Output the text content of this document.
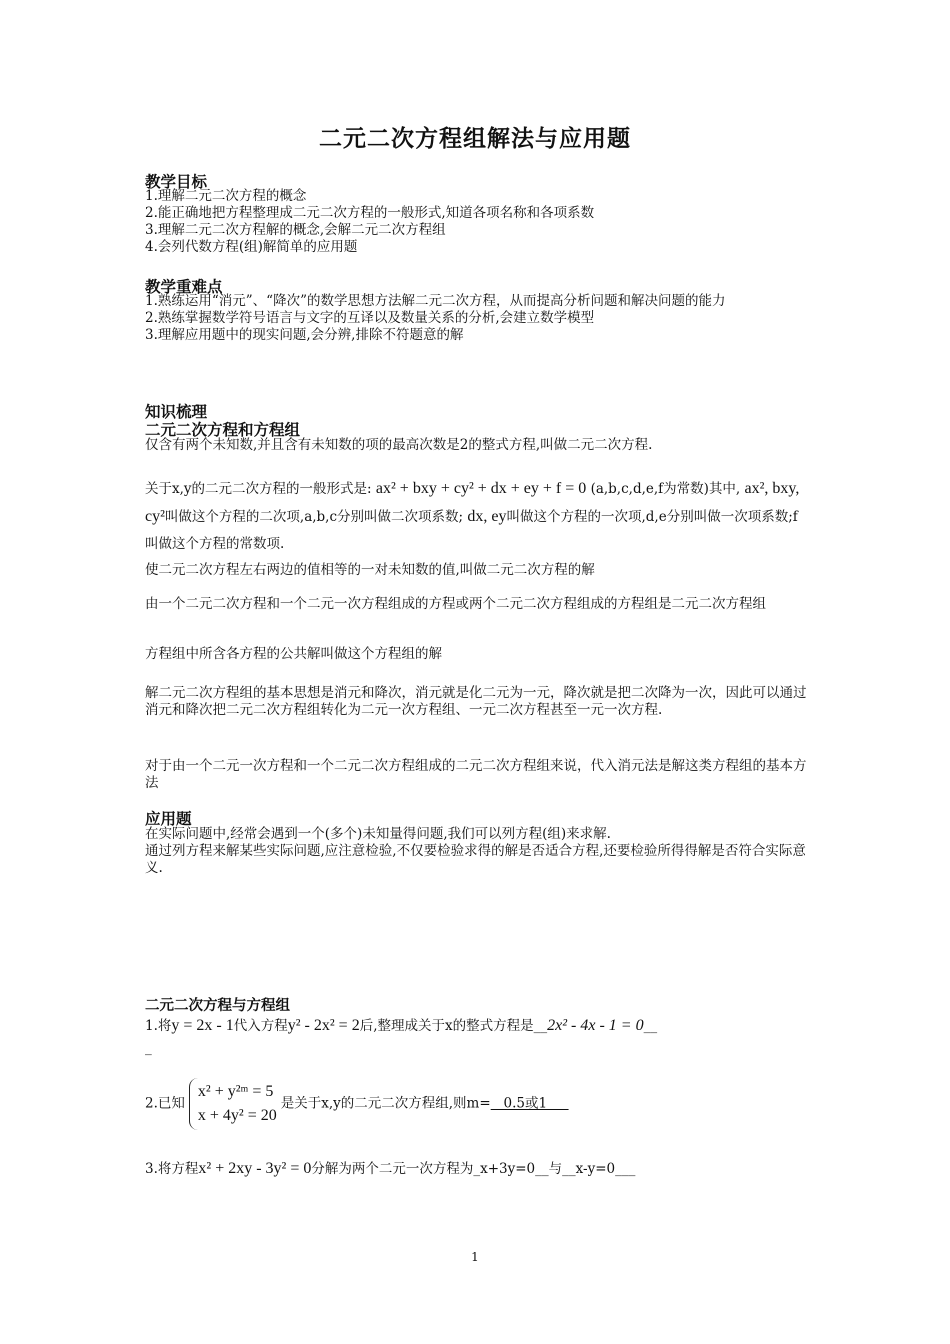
二元二次方程组解法与应用题
教学目标
1.理解二元二次方程的概念
2.能正确地把方程整理成二元二次方程的一般形式,知道各项名称和各项系数
3.理解二元二次方程解的概念,会解二元二次方程组
4.会列代数方程(组)解简单的应用题
教学重难点
1.熟练运用“消元”、“降次”的数学思想方法解二元二次方程，从而提高分析问题和解决问题的能力
2.熟练掌握数学符号语言与文字的互译以及数量关系的分析,会建立数学模型
3.理解应用题中的现实问题,会分辨,排除不符题意的解
知识梳理
二元二次方程和方程组
仅含有两个未知数,并且含有未知数的项的最高次数是2的整式方程,叫做二元二次方程.
关于x,y的二元二次方程的一般形式是: ax² + bxy + cy² + dx + ey + f = 0 (a,b,c,d,e,f为常数)其中, ax², bxy, cy²叫做这个方程的二次项,a,b,c分别叫做二次项系数; dx, ey叫做这个方程的一次项,d,e分别叫做一次项系数;f叫做这个方程的常数项.
使二元二次方程左右两边的值相等的一对未知数的值,叫做二元二次方程的解
由一个二元二次方程和一个二元一次方程组成的方程或两个二元二次方程组成的方程组是二元二次方程组
方程组中所含各方程的公共解叫做这个方程组的解
解二元二次方程组的基本思想是消元和降次，消元就是化二元为一元，降次就是把二次降为一次，因此可以通过消元和降次把二元二次方程组转化为二元一次方程组、一元二次方程甚至一元一次方程.
对于由一个二元一次方程和一个二元二次方程组成的二元二次方程组来说，代入消元法是解这类方程组的基本方法
应用题
在实际问题中,经常会遇到一个(多个)未知量得问题,我们可以列方程(组)来求解.
通过列方程来解某些实际问题,应注意检验,不仅要检验求得的解是否适合方程,还要检验所得得解是否符合实际意义.
二元二次方程与方程组
1.将y = 2x - 1代入方程y² - 2x² = 2后,整理成关于x的整式方程是__2x² - 4x - 1 = 0__
_
2.已知
x² + y²ᵐ = 5
x + 4y² = 20
是关于x,y的二元二次方程组,则m=   0.5或1
3.将方程x² + 2xy - 3y² = 0分解为两个二元一次方程为_x+3y=0__与__x-y=0___
1
